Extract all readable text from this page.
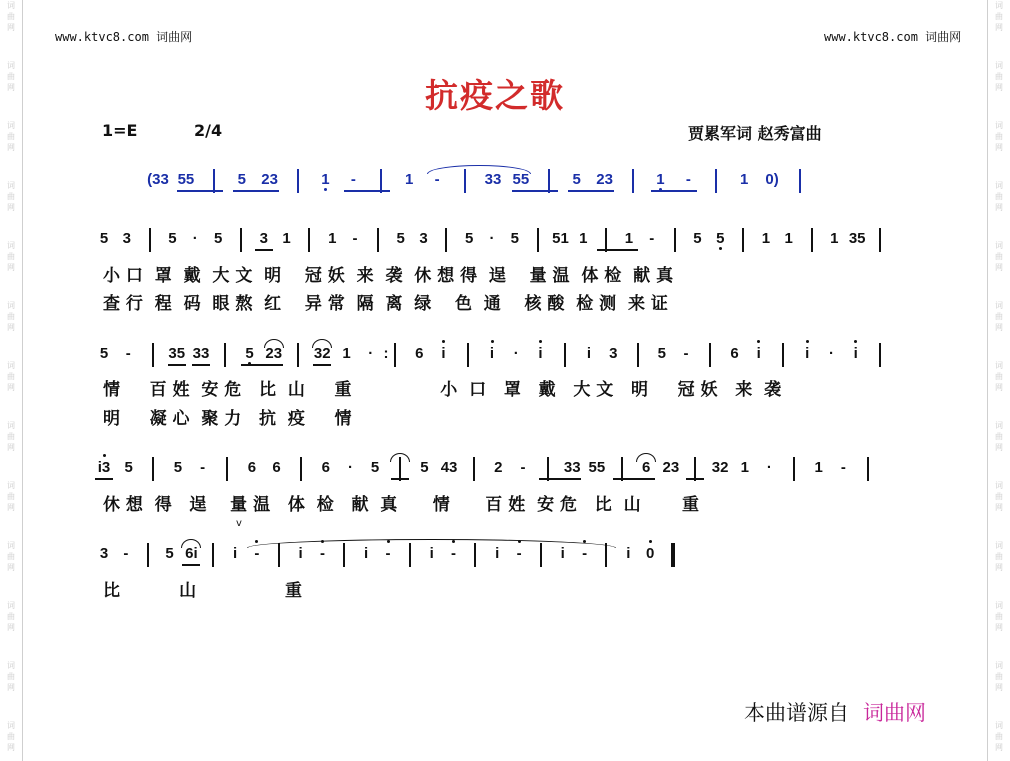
词
曲
网
词
曲
网
词
曲
网
词
曲
网
词
曲
网
词
曲
网
词
曲
网
词
曲
网
词
曲
网
词
曲
网
词
曲
网
词
曲
网
词
曲
网
词
曲
网
词
曲
网
词
曲
网
词
曲
网
词
曲
网
词
曲
网
词
曲
网
词
曲
网
词
曲
网
词
曲
网
词
曲
网
词
曲
网
词
曲
网
www.ktvc8.com 词曲网	www.ktvc8.com 词曲网
抗疫之歌
1=E	2/4	贾累军词 赵秀富曲
(33 55	5 23	1 -	1 -	33 55	5 23	1 -	1 0)
5 3 5 · 5 3 1 1 -	5 3 5 · 5 51 1 1 -	5 5 1 1 1 35
小 口  罩  戴  大 文  明    冠 妖  来  袭  休 想 得  逞    量 温  体 检  献 真
查 行  程  码  眼 熬  红    异 常  隔  离  绿    色  通    核 酸  检 测  来 证
5 -	35 33 5 23 32 1 · : 6 i	i · i	i 3	5 -	6 i	i · i
情     百 姓  安 危   比  山     重               小  口   罩   戴   大 文   明     冠 妖   来  袭
明     凝 心  聚 力   抗  疫     情
i3 5	5 -	6 6	6 · 5	5 43 2 -	33 55 6 23 32 1 ·	1 -
休 想  得   逞    量 温   体  检   献  真      情      百 姓  安 危   比  山       重
v
3 - 5 6i i -	i -	i -	i -	i -	i -	i 0
比          山               重
本曲谱源自 词曲网
